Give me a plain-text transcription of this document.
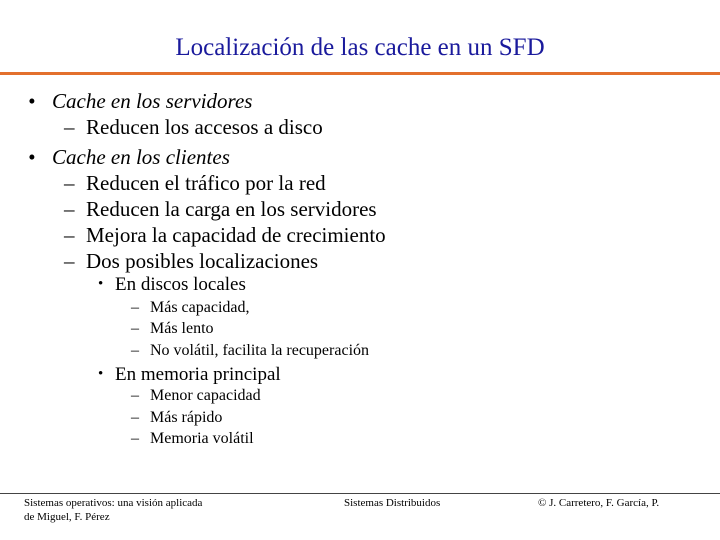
Localización de las cache en un SFD
• Cache en los servidores
– Reducen los accesos a disco
• Cache en los clientes
– Reducen el tráfico por la red
– Reducen la carga en los servidores
– Mejora la capacidad de crecimiento
– Dos posibles localizaciones
• En discos locales
– Más capacidad,
– Más lento
– No volátil, facilita la recuperación
• En memoria principal
– Menor capacidad
– Más rápido
– Memoria volátil
Sistemas operativos: una visión aplicada
de Miguel, F. Pérez
Sistemas Distribuidos	© J. Carretero, F. García, P.
